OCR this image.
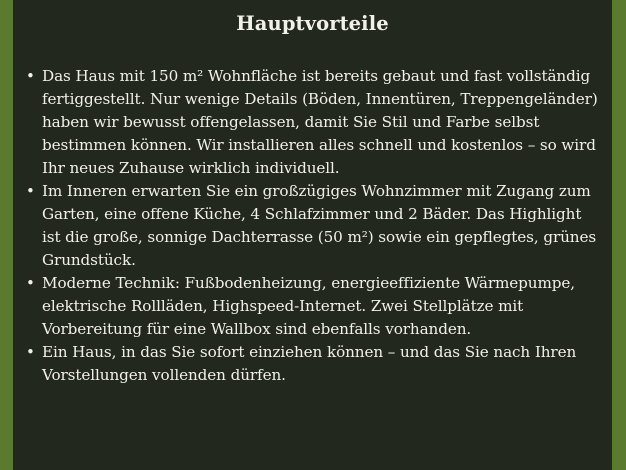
Hauptvorteile
• Das Haus mit 150 m² Wohnfläche ist bereits gebaut und fast vollständig fertiggestellt. Nur wenige Details (Böden, Innentüren, Treppengeländer) haben wir bewusst offengelassen, damit Sie Stil und Farbe selbst bestimmen können. Wir installieren alles schnell und kostenlos – so wird Ihr neues Zuhause wirklich individuell.
• Im Inneren erwarten Sie ein großzügiges Wohnzimmer mit Zugang zum Garten, eine offene Küche, 4 Schlafzimmer und 2 Bäder. Das Highlight ist die große, sonnige Dachterrasse (50 m²) sowie ein gepflegtes, grünes Grundstück.
• Moderne Technik: Fußbodenheizung, energieeffiziente Wärmepumpe, elektrische Rollläden, Highspeed-Internet. Zwei Stellplätze mit Vorbereitung für eine Wallbox sind ebenfalls vorhanden.
• Ein Haus, in das Sie sofort einziehen können – und das Sie nach Ihren Vorstellungen vollenden dürfen.
